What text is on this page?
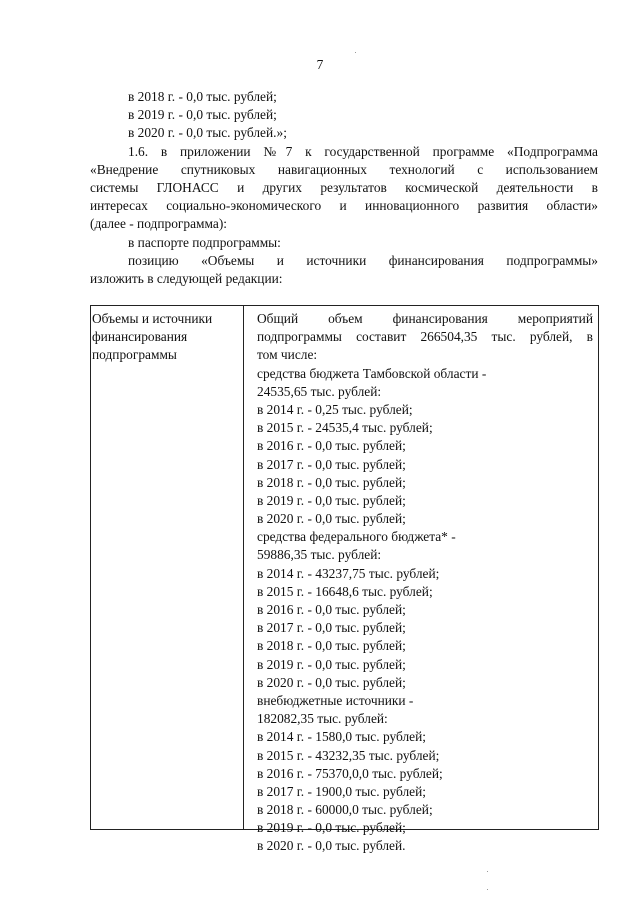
7
в 2018 г. - 0,0 тыс. рублей;
в 2019 г. - 0,0 тыс. рублей;
в 2020 г. - 0,0 тыс. рублей.»;
1.6. в приложении №7 к государственной программе «Подпрограмма
«Внедрение спутниковых навигационных технологий с использованием
системы ГЛОНАСС и других результатов космической деятельности в
интересах социально-экономического и инновационного развития области»
(далее - подпрограмма):
в паспорте подпрограммы:
позицию «Объемы и источники финансирования подпрограммы»
изложить в следующей редакции:
Объемы и источники
финансирования
подпрограммы
Общий объем финансирования мероприятий
подпрограммы составит 266504,35 тыс. рублей, в
том числе:
средства бюджета Тамбовской области -
24535,65 тыс. рублей:
в 2014 г. - 0,25 тыс. рублей;
в 2015 г. - 24535,4 тыс. рублей;
в 2016 г. - 0,0 тыс. рублей;
в 2017 г. - 0,0 тыс. рублей;
в 2018 г. - 0,0 тыс. рублей;
в 2019 г. - 0,0 тыс. рублей;
в 2020 г. - 0,0 тыс. рублей;
средства федерального бюджета* -
59886,35 тыс. рублей:
в 2014 г. - 43237,75 тыс. рублей;
в 2015 г. - 16648,6 тыс. рублей;
в 2016 г. - 0,0 тыс. рублей;
в 2017 г. - 0,0 тыс. рублей;
в 2018 г. - 0,0 тыс. рублей;
в 2019 г. - 0,0 тыс. рублей;
в 2020 г. - 0,0 тыс. рублей;
внебюджетные источники -
182082,35 тыс. рублей:
в 2014 г. - 1580,0 тыс. рублей;
в 2015 г. - 43232,35 тыс. рублей;
в 2016 г. - 75370,0,0 тыс. рублей;
в 2017 г. - 1900,0 тыс. рублей;
в 2018 г. - 60000,0 тыс. рублей;
в 2019 г. - 0,0 тыс. рублей;
в 2020 г. - 0,0 тыс. рублей.
